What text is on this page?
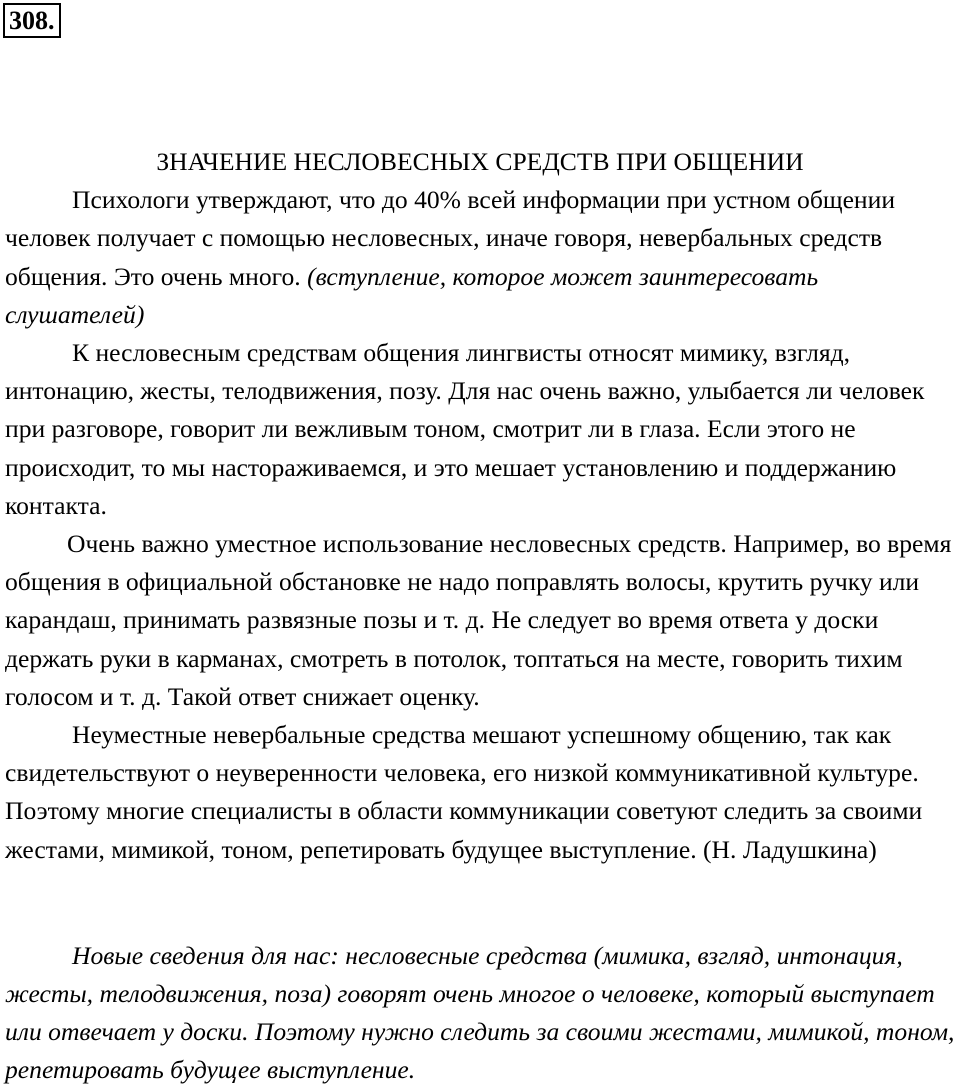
308.

ЗНАЧЕНИЕ НЕСЛОВЕСНЫХ СРЕДСТВ ПРИ ОБЩЕНИИ

Психологи утверждают, что до 40% всей информации при устном общении человек получает с помощью несловесных, иначе говоря, невербальных средств общения. Это очень много. (вступление, которое может заинтересовать слушателей)

К несловесным средствам общения лингвисты относят мимику, взгляд, интонацию, жесты, телодвижения, позу. Для нас очень важно, улыбается ли человек при разговоре, говорит ли вежливым тоном, смотрит ли в глаза. Если этого не происходит, то мы настораживаемся, и это мешает установлению и поддержанию контакта.

Очень важно уместное использование несловесных средств. Например, во время общения в официальной обстановке не надо поправлять волосы, крутить ручку или карандаш, принимать развязные позы и т. д. Не следует во время ответа у доски держать руки в карманах, смотреть в потолок, топтаться на месте, говорить тихим голосом и т. д. Такой ответ снижает оценку.

Неуместные невербальные средства мешают успешному общению, так как свидетельствуют о неуверенности человека, его низкой коммуникативной культуре. Поэтому многие специалисты в области коммуникации советуют следить за своими жестами, мимикой, тоном, репетировать будущее выступление. (Н. Ладушкина)

Новые сведения для нас: несловесные средства (мимика, взгляд, интонация, жесты, телодвижения, поза) говорят очень многое о человеке, который выступает или отвечает у доски. Поэтому нужно следить за своими жестами, мимикой, тоном, репетировать будущее выступление.
